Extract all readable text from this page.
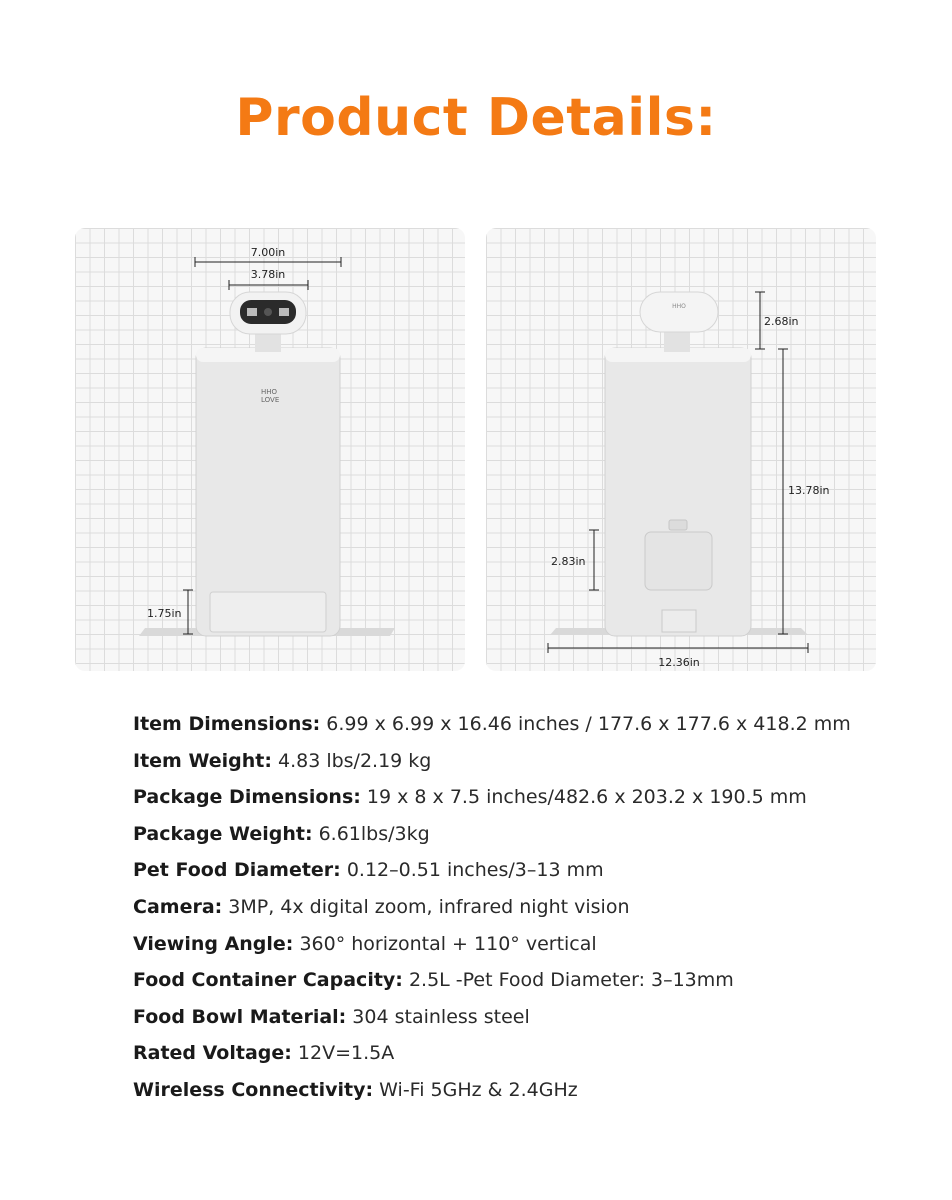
Product Details:
7.00in
3.78in
HHO
LOVE
1.75in
HHO
2.68in
13.78in
2.83in
12.36in
Item Dimensions: 6.99 x 6.99 x 16.46 inches / 177.6 x 177.6 x 418.2 mm
Item Weight: 4.83 lbs/2.19 kg
Package Dimensions: 19 x 8 x 7.5 inches/482.6 x 203.2 x 190.5 mm
Package Weight: 6.61lbs/3kg
Pet Food Diameter: 0.12–0.51 inches/3–13 mm
Camera: 3MP, 4x digital zoom, infrared night vision
Viewing Angle: 360° horizontal + 110° vertical
Food Container Capacity: 2.5L -Pet Food Diameter: 3–13mm
Food Bowl Material: 304 stainless steel
Rated Voltage: 12V=1.5A
Wireless Connectivity: Wi-Fi 5GHz & 2.4GHz
